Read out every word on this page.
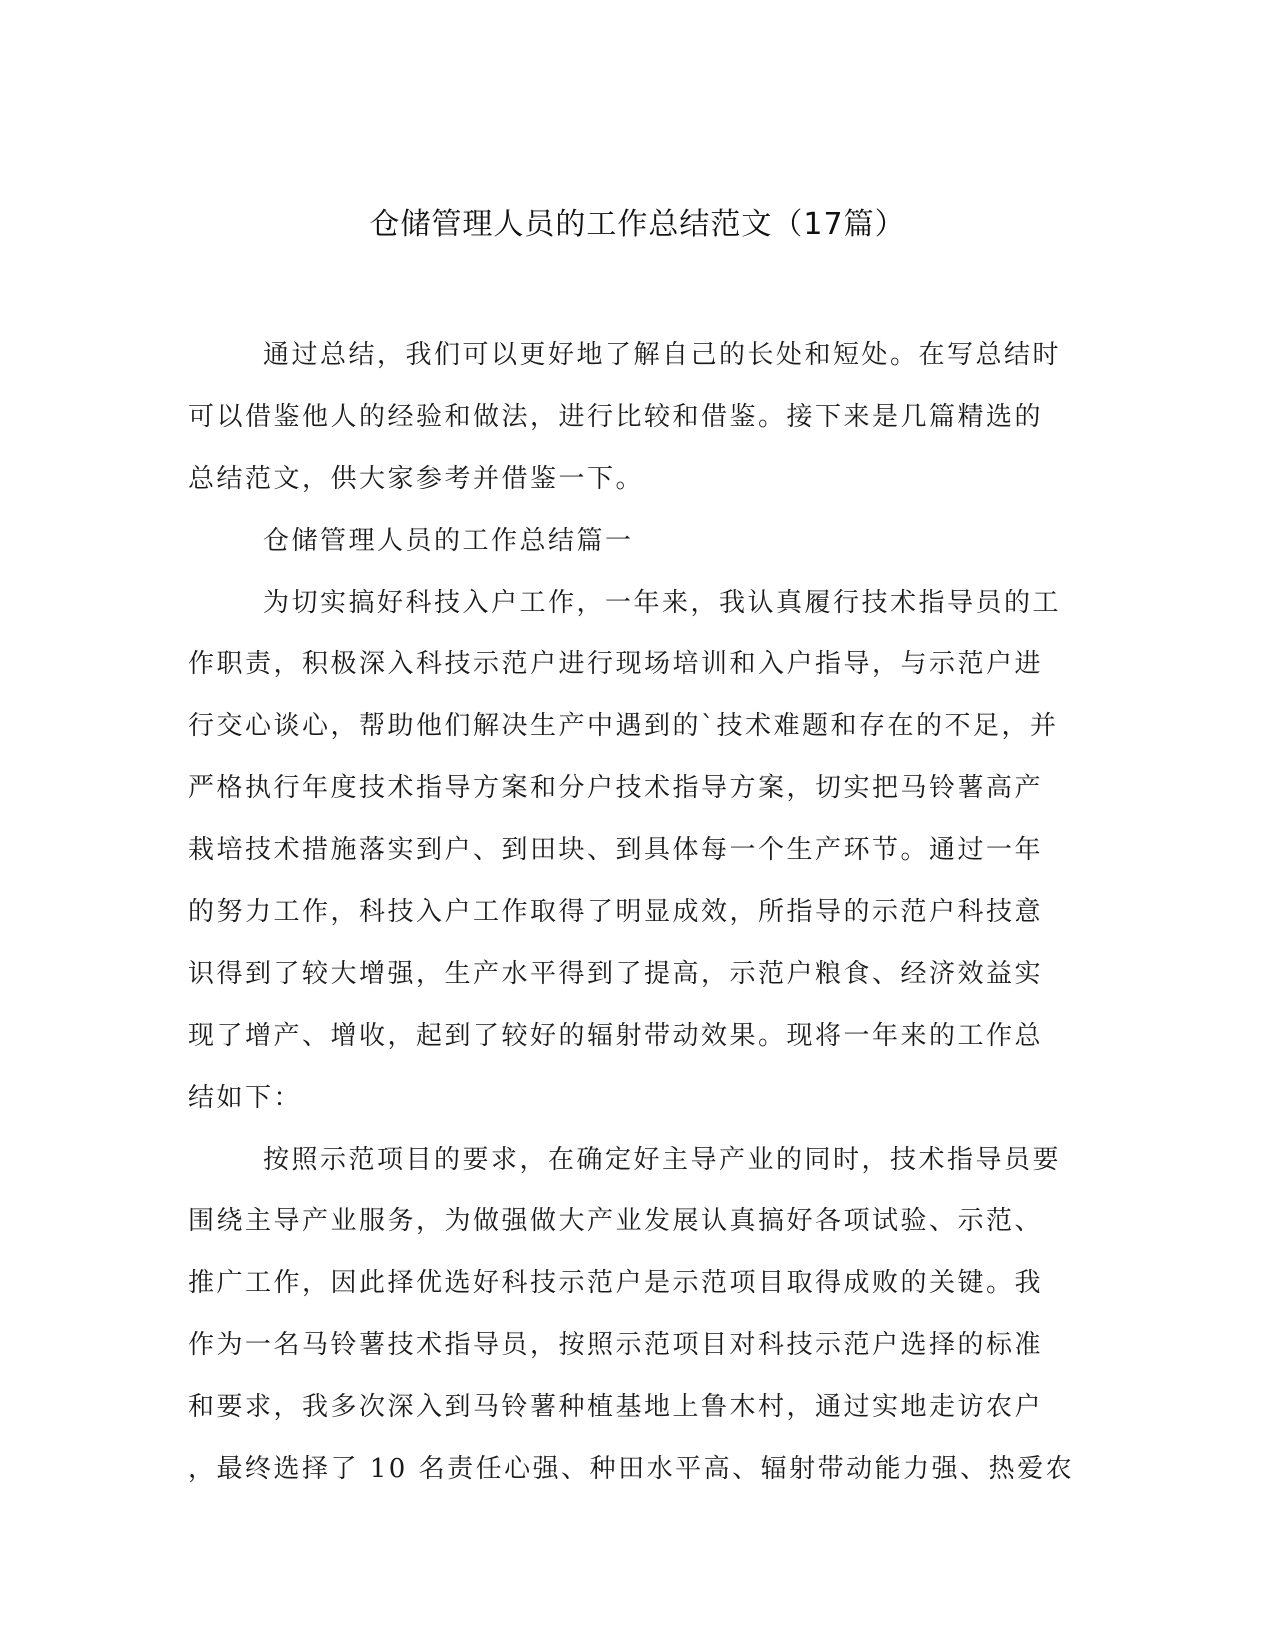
仓储管理人员的工作总结范文（17篇）
通过总结，我们可以更好地了解自己的长处和短处。在写总结时
可以借鉴他人的经验和做法，进行比较和借鉴。接下来是几篇精选的
总结范文，供大家参考并借鉴一下。
仓储管理人员的工作总结篇一
为切实搞好科技入户工作，一年来，我认真履行技术指导员的工
作职责，积极深入科技示范户进行现场培训和入户指导，与示范户进
行交心谈心，帮助他们解决生产中遇到的`技术难题和存在的不足，并
严格执行年度技术指导方案和分户技术指导方案，切实把马铃薯高产
栽培技术措施落实到户、到田块、到具体每一个生产环节。通过一年
的努力工作，科技入户工作取得了明显成效，所指导的示范户科技意
识得到了较大增强，生产水平得到了提高，示范户粮食、经济效益实
现了增产、增收，起到了较好的辐射带动效果。现将一年来的工作总
结如下：
按照示范项目的要求，在确定好主导产业的同时，技术指导员要
围绕主导产业服务，为做强做大产业发展认真搞好各项试验、示范、
推广工作，因此择优选好科技示范户是示范项目取得成败的关键。我
作为一名马铃薯技术指导员，按照示范项目对科技示范户选择的标准
和要求，我多次深入到马铃薯种植基地上鲁木村，通过实地走访农户
，最终选择了 10 名责任心强、种田水平高、辐射带动能力强、热爱农
